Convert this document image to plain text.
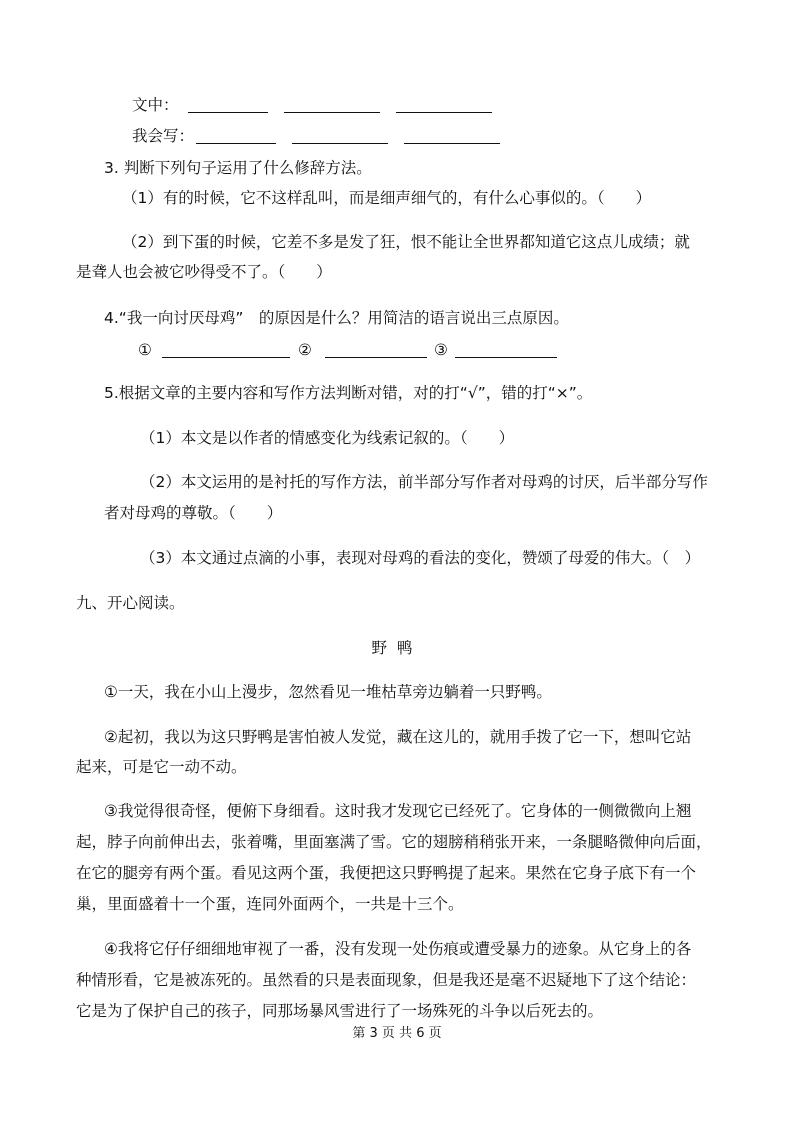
文中：
我会写：
3. 判断下列句子运用了什么修辞方法。
（1）有的时候，它不这样乱叫，而是细声细气的，有什么心事似的。（　　）
（2）到下蛋的时候，它差不多是发了狂，恨不能让全世界都知道它这点儿成绩；就
是聋人也会被它吵得受不了。（　　）
4.“我一向讨厌母鸡”　的原因是什么？用简洁的语言说出三点原因。
①	②	③
5.根据文章的主要内容和写作方法判断对错，对的打“√”，错的打“×”。
（1）本文是以作者的情感变化为线索记叙的。（　　）
（2）本文运用的是衬托的写作方法，前半部分写作者对母鸡的讨厌，后半部分写作
者对母鸡的尊敬。（　　）
（3）本文通过点滴的小事，表现对母鸡的看法的变化，赞颂了母爱的伟大。（　）
九、开心阅读。
野鸭
①一天，我在小山上漫步，忽然看见一堆枯草旁边躺着一只野鸭。
②起初，我以为这只野鸭是害怕被人发觉，藏在这儿的，就用手拨了它一下，想叫它站
起来，可是它一动不动。
③我觉得很奇怪，便俯下身细看。这时我才发现它已经死了。它身体的一侧微微向上翘
起，脖子向前伸出去，张着嘴，里面塞满了雪。它的翅膀稍稍张开来，一条腿略微伸向后面，
在它的腿旁有两个蛋。看见这两个蛋，我便把这只野鸭提了起来。果然在它身子底下有一个
巢，里面盛着十一个蛋，连同外面两个，一共是十三个。
④我将它仔仔细细地审视了一番，没有发现一处伤痕或遭受暴力的迹象。从它身上的各
种情形看，它是被冻死的。虽然看的只是表面现象，但是我还是毫不迟疑地下了这个结论：
它是为了保护自己的孩子，同那场暴风雪进行了一场殊死的斗争以后死去的。
第 3 页 共 6 页
